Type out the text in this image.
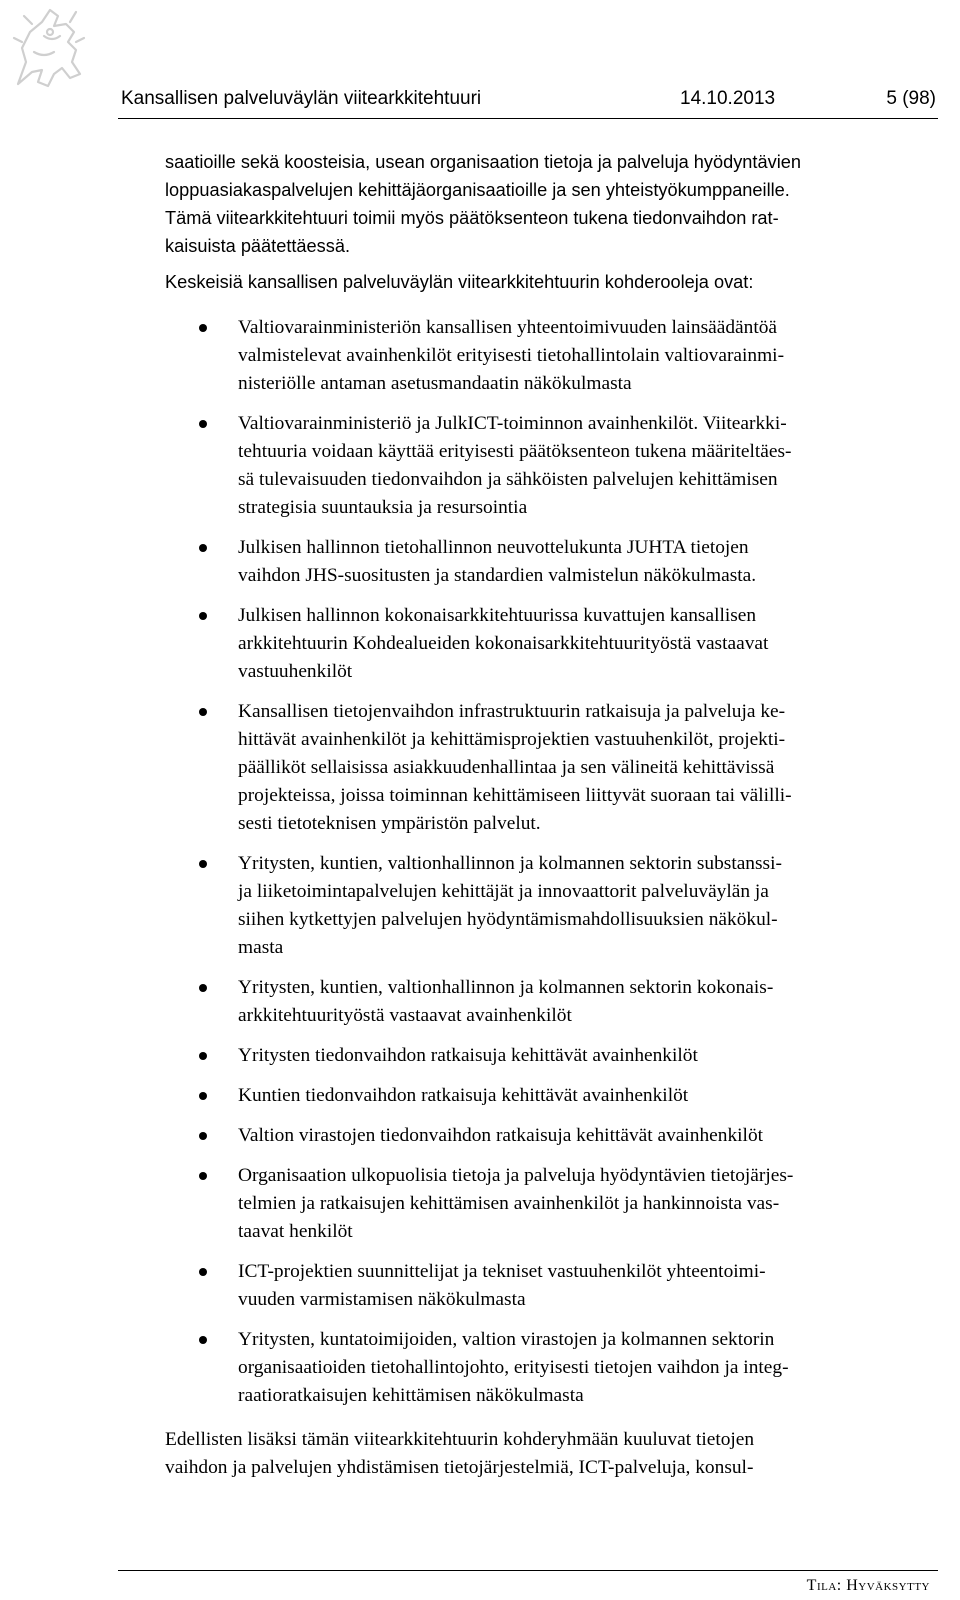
Kansallisen palveluväylän viitearkkitehtuuri	14.10.2013	5 (98)

saatioille sekä koosteisia, usean organisaation tietoja ja palveluja hyödyntävien
loppuasiakaspalvelujen kehittäjäorganisaatioille ja sen yhteistyökumppaneille.
Tämä viitearkkitehtuuri toimii myös päätöksenteon tukena tiedonvaihdon rat-
kaisuista päätettäessä.

Keskeisiä kansallisen palveluväylän viitearkkitehtuurin kohderooleja ovat:

Valtiovarainministeriön kansallisen yhteentoimivuuden lainsäädäntöä
valmistelevat avainhenkilöt erityisesti tietohallintolain valtiovarainmi-
nisteriölle antaman asetusmandaatin näkökulmasta
Valtiovarainministeriö ja JulkICT-toiminnon avainhenkilöt. Viitearkki-
tehtuuria voidaan käyttää erityisesti päätöksenteon tukena määriteltäes-
sä tulevaisuuden tiedonvaihdon ja sähköisten palvelujen kehittämisen
strategisia suuntauksia ja resursointia
Julkisen hallinnon tietohallinnon neuvottelukunta JUHTA tietojen
vaihdon JHS-suositusten ja standardien valmistelun näkökulmasta.
Julkisen hallinnon kokonaisarkkitehtuurissa kuvattujen kansallisen
arkkitehtuurin Kohdealueiden kokonaisarkkitehtuurityöstä vastaavat
vastuuhenkilöt
Kansallisen tietojenvaihdon infrastruktuurin ratkaisuja ja palveluja ke-
hittävät avainhenkilöt ja kehittämisprojektien vastuuhenkilöt, projekti-
päälliköt sellaisissa asiakkuudenhallintaa ja sen välineitä kehittävissä
projekteissa, joissa toiminnan kehittämiseen liittyvät suoraan tai välilli-
sesti tietoteknisen ympäristön palvelut.
Yritysten, kuntien, valtionhallinnon ja kolmannen sektorin substanssi-
ja liiketoimintapalvelujen kehittäjät ja innovaattorit palveluväylän ja
siihen kytkettyjen palvelujen hyödyntämismahdollisuuksien näkökul-
masta
Yritysten, kuntien, valtionhallinnon ja kolmannen sektorin kokonais-
arkkitehtuurityöstä vastaavat avainhenkilöt
Yritysten tiedonvaihdon ratkaisuja kehittävät avainhenkilöt
Kuntien tiedonvaihdon ratkaisuja kehittävät avainhenkilöt
Valtion virastojen tiedonvaihdon ratkaisuja kehittävät avainhenkilöt
Organisaation ulkopuolisia tietoja ja palveluja hyödyntävien tietojärjes-
telmien ja ratkaisujen kehittämisen avainhenkilöt ja hankinnoista vas-
taavat henkilöt
ICT-projektien suunnittelijat ja tekniset vastuuhenkilöt yhteentoimi-
vuuden varmistamisen näkökulmasta
Yritysten, kuntatoimijoiden, valtion virastojen ja kolmannen sektorin
organisaatioiden tietohallintojohto, erityisesti tietojen vaihdon ja integ-
raatioratkaisujen kehittämisen näkökulmasta

Edellisten lisäksi tämän viitearkkitehtuurin kohderyhmään kuuluvat tietojen
vaihdon ja palvelujen yhdistämisen tietojärjestelmiä, ICT-palveluja, konsul-

Tila: Hyväksytty
